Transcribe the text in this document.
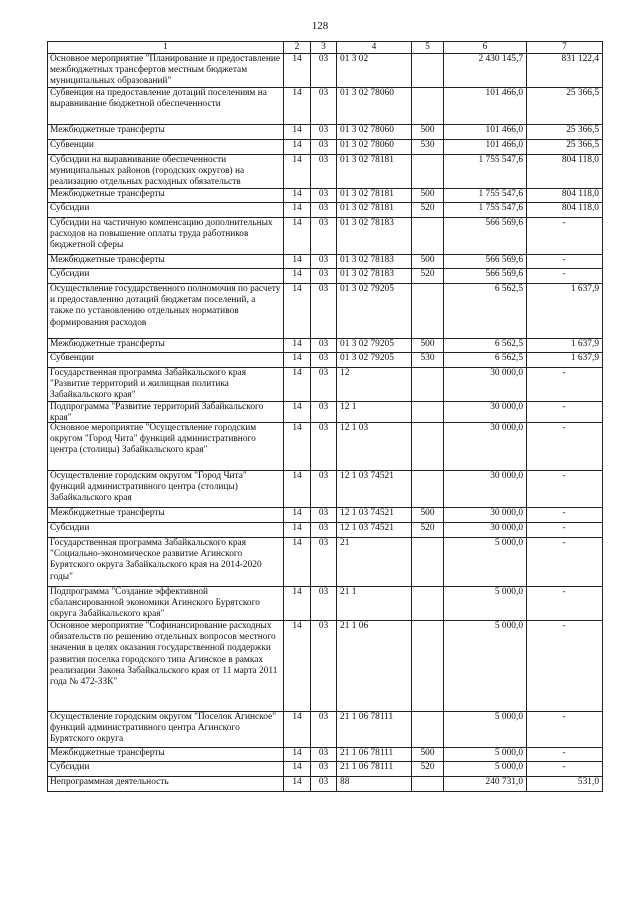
128
1	2	3	4	5	6	7

Основное мероприятие "Планирование и предоставление межбюджетных трансфертов местным бюджетам муниципальных образований"	14	03	01 3 02		2 430 145,7	831 122,4

Субвенция на предоставление дотаций поселениям на выравнивание бюджетной обеспеченности	14	03	01 3 02 78060		101 466,0	25 366,5

Межбюджетные трансферты	14	03	01 3 02 78060	500	101 466,0	25 366,5

Субвенции	14	03	01 3 02 78060	530	101 466,0	25 366,5

Субсидии на выравнивание обеспеченности муниципальных районов (городских округов) на реализацию отдельных расходных обязательств	14	03	01 3 02 78181		1 755 547,6	804 118,0

Межбюджетные трансферты	14	03	01 3 02 78181	500	1 755 547,6	804 118,0

Субсидии	14	03	01 3 02 78181	520	1 755 547,6	804 118,0

Субсидии на частичную компенсацию дополнительных расходов на повышение оплаты труда работников бюджетной сферы	14	03	01 3 02 78183		566 569,6	-

Межбюджетные трансферты	14	03	01 3 02 78183	500	566 569,6	-

Субсидии	14	03	01 3 02 78183	520	566 569,6	-

Осуществление государственного полномочия по расчету и предоставлению дотаций бюджетам поселений, а также по установлению отдельных нормативов формирования расходов	14	03	01 3 02 79205		6 562,5	1 637,9

Межбюджетные трансферты	14	03	01 3 02 79205	500	6 562,5	1 637,9

Субвенции	14	03	01 3 02 79205	530	6 562,5	1 637,9

Государственная программа Забайкальского края "Развитие территорий и жилищная политика Забайкальского края"	14	03	12		30 000,0	-

Подпрограмма "Развитие территорий Забайкальского края"	14	03	12 1		30 000,0	-

Основное мероприятие "Осуществление городским округом "Город Чита" функций административного центра (столицы) Забайкальского края"	14	03	12 1 03		30 000,0	-

Осуществление городским округом "Город Чита" функций административного центра (столицы) Забайкальского края	14	03	12 1 03 74521		30 000,0	-

Межбюджетные трансферты	14	03	12 1 03 74521	500	30 000,0	-

Субсидии	14	03	12 1 03 74521	520	30 000,0	-

Государственная программа Забайкальского края "Социально-экономическое развитие Агинского Бурятского округа Забайкальского края на 2014-2020 годы"	14	03	21		5 000,0	-

Подпрограмма "Создание эффективной сбалансированной экономики Агинского Бурятского округа Забайкальского края"	14	03	21 1		5 000,0	-

Основное мероприятие "Софинансирование расходных обязательств по решению отдельных вопросов местного значения в целях оказания государственной поддержки развития поселка городского типа Агинское в рамках реализации Закона Забайкальского края от 11 марта 2011 года № 472-ЗЗК"	14	03	21 1 06		5 000,0	-

Осуществление городским округом "Поселок Агинское" функций административного центра Агинского Бурятского округа	14	03	21 1 06 78111		5 000,0	-

Межбюджетные трансферты	14	03	21 1 06 78111	500	5 000,0	-

Субсидии	14	03	21 1 06 78111	520	5 000,0	-

Непрограммная деятельность	14	03	88		240 731,0	531,0
